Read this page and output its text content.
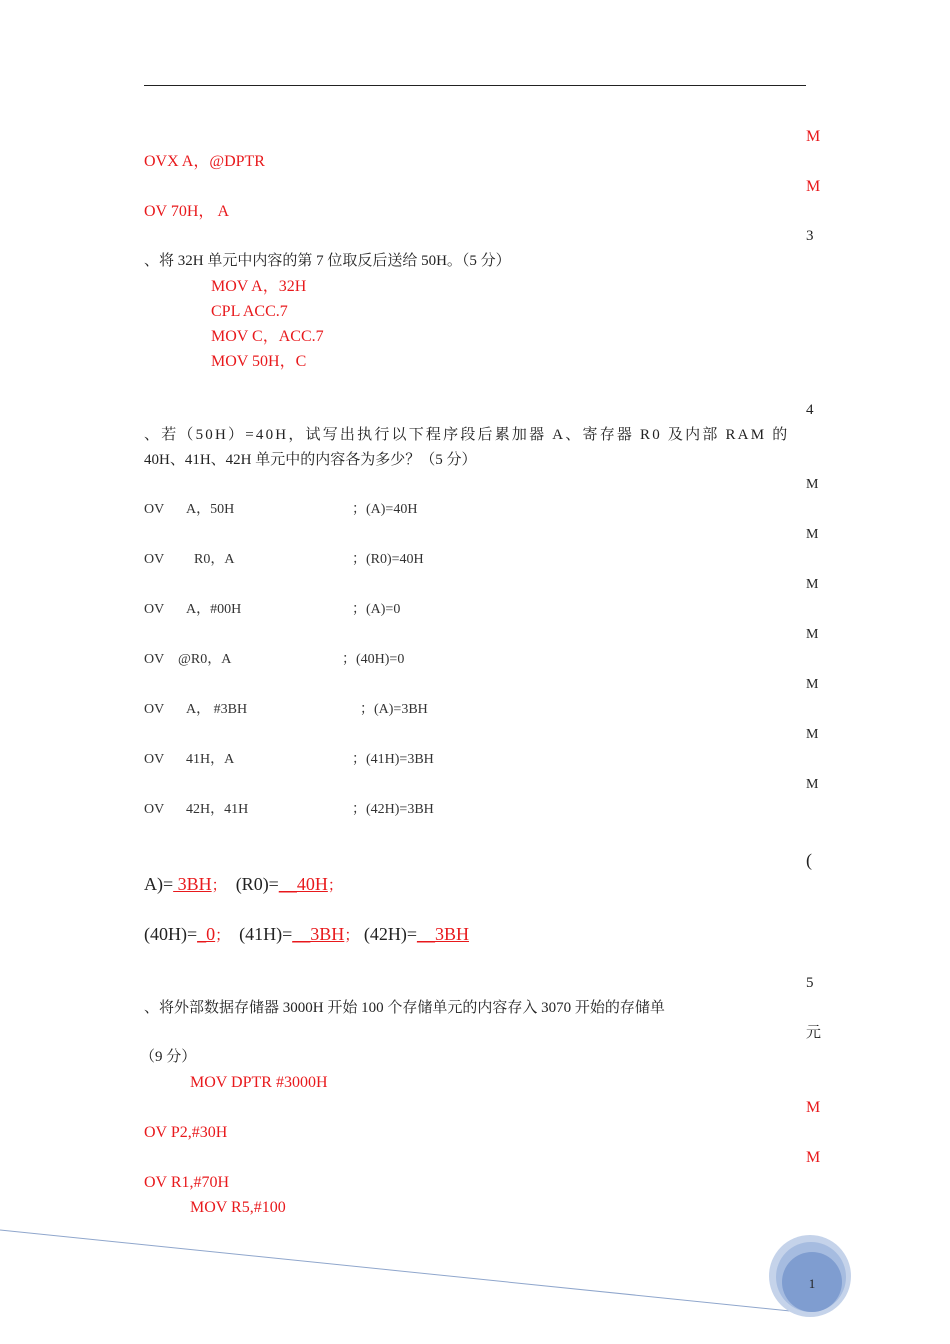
M
M
3
4
M
M
M
M
M
M
M
(
5
元
M
M
OVX A，@DPTR
OV 70H， A
、将 32H 单元中内容的第 7 位取反后送给 50H。（5 分）
MOV A，32H
CPL ACC.7
MOV C，ACC.7
MOV 50H，C
、若（50H）=40H，试写出执行以下程序段后累加器 A、寄存器 R0 及内部 RAM 的
40H、41H、42H 单元中的内容各为多少？（5 分）
OV A，50H	；(A)=40H
OV R0，A	；(R0)=40H
OV A，#00H	；(A)=0
OV @R0，A	；(40H)=0
OV A， #3BH	；(A)=3BH
OV 41H，A	；(41H)=3BH
OV 42H，41H	；(42H)=3BH
A)= 3BH； (R0)=__40H；
(40H)=_0； (41H)=__3BH； (42H)=__3BH
、将外部数据存储器 3000H 开始 100 个存储单元的内容存入 3070 开始的存储单
（9 分）
MOV DPTR #3000H
OV P2,#30H
OV R1,#70H
MOV R5,#100
1
